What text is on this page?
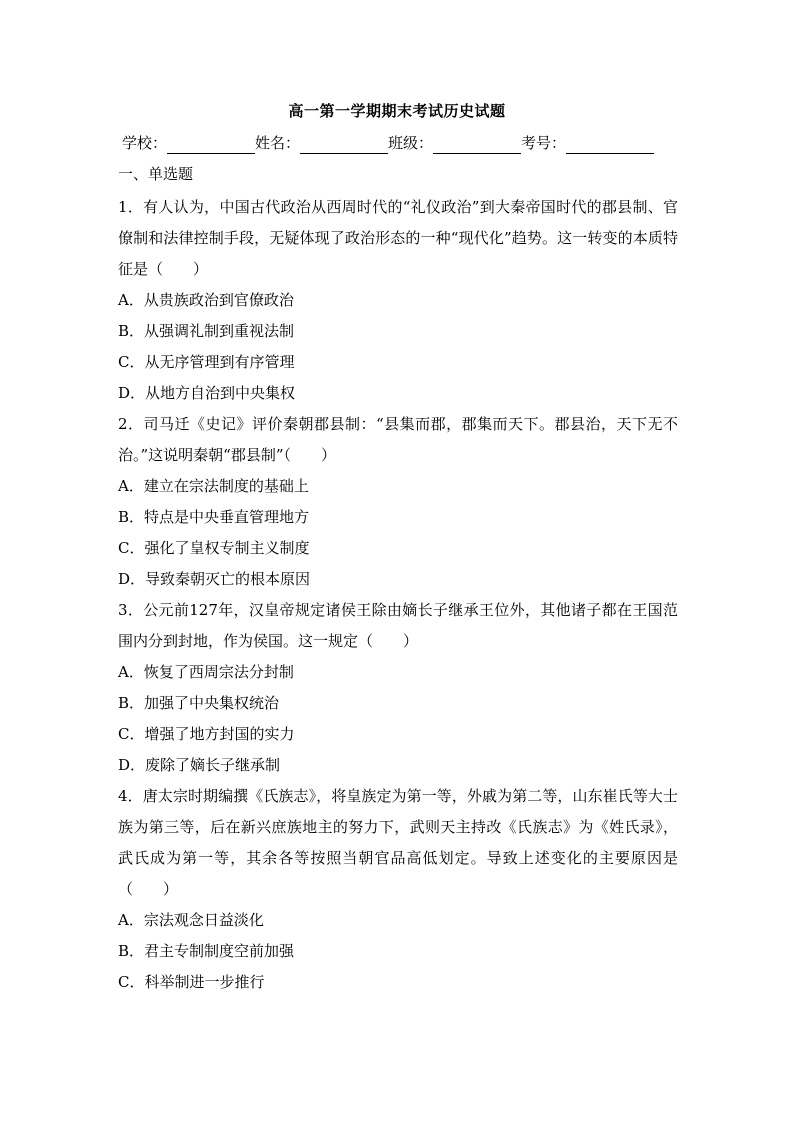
高一第一学期期末考试历史试题
学校：	姓名：	班级：	考号：
一、单选题

1．有人认为，中国古代政治从西周时代的“礼仪政治”到大秦帝国时代的郡县制、官僚制和法律控制手段，无疑体现了政治形态的一种“现代化”趋势。这一转变的本质特征是（　　）

A．从贵族政治到官僚政治

B．从强调礼制到重视法制

C．从无序管理到有序管理

D．从地方自治到中央集权

2．司马迁《史记》评价秦朝郡县制：“县集而郡，郡集而天下。郡县治，天下无不治。”这说明秦朝“郡县制”（　　）

A．建立在宗法制度的基础上

B．特点是中央垂直管理地方

C．强化了皇权专制主义制度

D．导致秦朝灭亡的根本原因

3．公元前127年，汉皇帝规定诸侯王除由嫡长子继承王位外，其他诸子都在王国范围内分到封地，作为侯国。这一规定（　　）

A．恢复了西周宗法分封制

B．加强了中央集权统治

C．增强了地方封国的实力

D．废除了嫡长子继承制

4．唐太宗时期编撰《氏族志》，将皇族定为第一等，外戚为第二等，山东崔氏等大士族为第三等，后在新兴庶族地主的努力下，武则天主持改《氏族志》为《姓氏录》，武氏成为第一等，其余各等按照当朝官品高低划定。导致上述变化的主要原因是（　　）

A．宗法观念日益淡化

B．君主专制制度空前加强

C．科举制进一步推行
